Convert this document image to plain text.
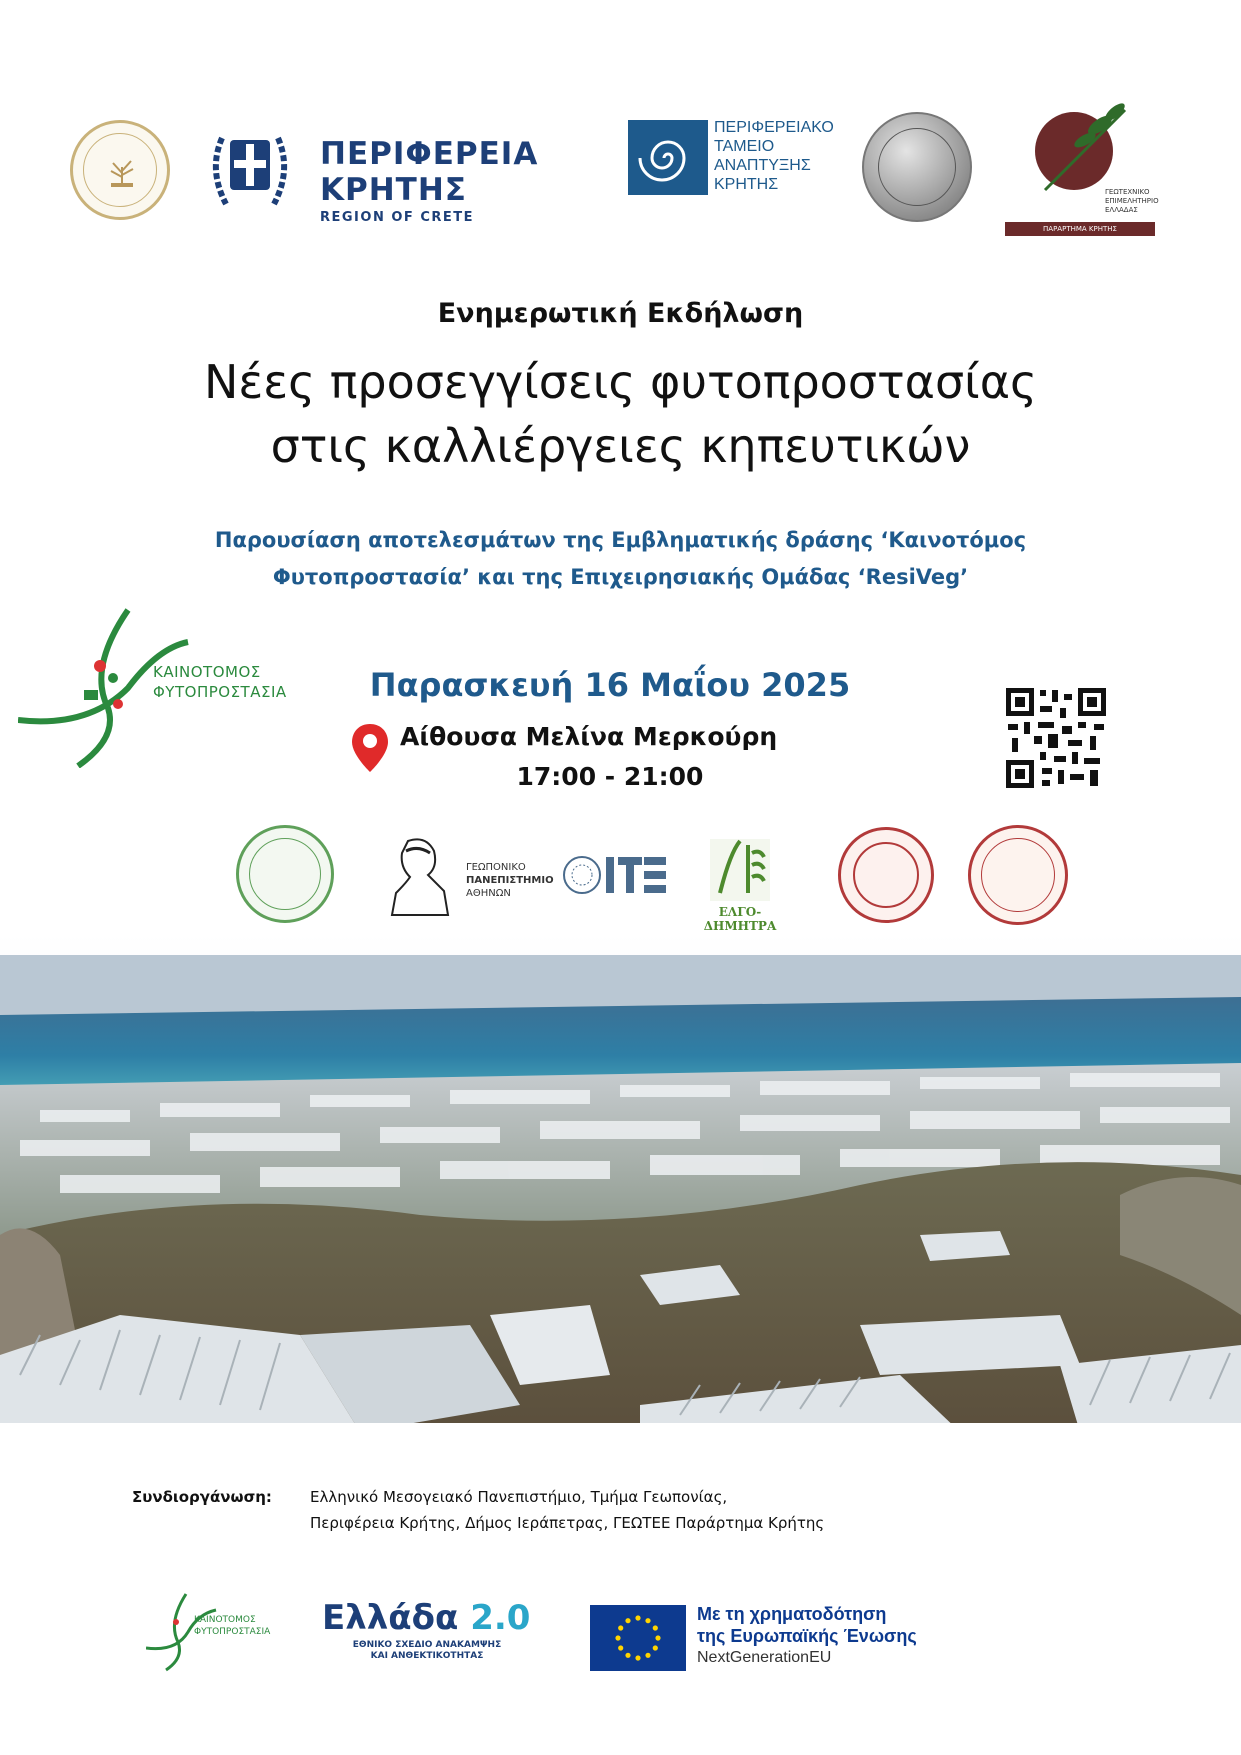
ΠΕΡΙΦΕΡΕΙΑ ΚΡΗΤΗΣ
REGION OF CRETE
ΠΕΡΙΦΕΡΕΙΑΚΟ
ΤΑΜΕΙΟ
ΑΝΑΠΤΥΞΗΣ
ΚΡΗΤΗΣ	ΓΕΩΤΕΧΝΙΚΟ
ΕΠΙΜΕΛΗΤΗΡΙΟ
ΕΛΛΑΔΑΣ
ΠΑΡΑΡΤΗΜΑ ΚΡΗΤΗΣ
Ενημερωτική Εκδήλωση
Νέες προσεγγίσεις φυτοπροστασίας
στις καλλιέργειες κηπευτικών
Παρουσίαση αποτελεσμάτων της Εμβληματικής δράσης ‘Καινοτόμος
Φυτοπροστασία’ και της Επιχειρησιακής Ομάδας ‘ResiVeg’
ΚΑΙΝΟΤΟΜΟΣ
ΦΥΤΟΠΡΟΣΤΑΣΙΑ	Παρασκευή 16 Μαΐου 2025
Αίθουσα Μελίνα Μερκούρη
17:00 - 21:00
ΓΕΩΠΟΝΙΚΟ
ΠΑΝΕΠΙΣΤΗΜΙΟ
ΑΘΗΝΩΝ
ΕΛΓΟ-ΔΗΜΗΤΡΑ
Συνδιοργάνωση:	Ελληνικό Μεσογειακό Πανεπιστήμιο, Τμήμα Γεωπονίας,
Περιφέρεια Κρήτης, Δήμος Ιεράπετρας, ΓΕΩΤΕΕ Παράρτημα Κρήτης
ΚΑΙΝΟΤΟΜΟΣ
ΦΥΤΟΠΡΟΣΤΑΣΙΑ Ελλάδα 2.0
ΕΘΝΙΚΟ ΣΧΕΔΙΟ ΑΝΑΚΑΜΨΗΣ
ΚΑΙ ΑΝΘΕΚΤΙΚΟΤΗΤΑΣ
Με τη χρηματοδότηση
της Ευρωπαϊκής Ένωσης
NextGenerationEU
